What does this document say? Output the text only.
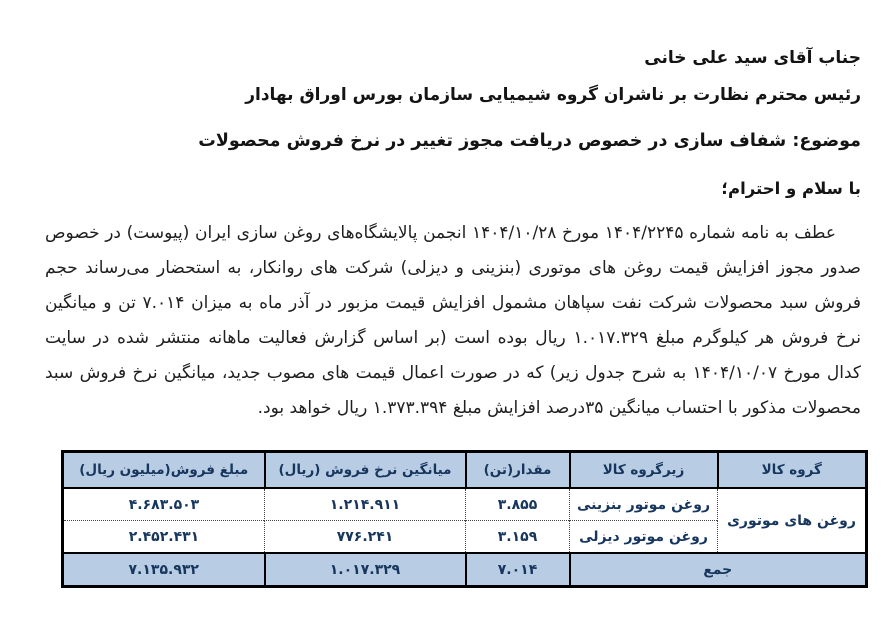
جناب آقای سید علی خانی

رئیس محترم نظارت بر ناشران گروه شیمیایی سازمان بورس اوراق بهادار

موضوع: شفاف سازی در خصوص دریافت مجوز تغییر در نرخ فروش محصولات

با سلام و احترام؛

عطف به نامه شماره ۱۴۰۴/۲۲۴۵ مورخ ۱۴۰۴/۱۰/۲۸ انجمن پالایشگاه‌های روغن سازی ایران (پیوست) در خصوص صدور مجوز افزایش قیمت روغن های موتوری (بنزینی و دیزلی) شرکت های روانکار، به استحضار می‌رساند حجم فروش سبد محصولات شرکت نفت سپاهان مشمول افزایش قیمت مزبور در آذر ماه به میزان ۷.۰۱۴ تن و میانگین نرخ فروش هر کیلوگرم مبلغ ۱.۰۱۷.۳۲۹ ریال بوده است (بر اساس گزارش فعالیت ماهانه منتشر شده در سایت کدال مورخ ۱۴۰۴/۱۰/۰۷ به شرح جدول زیر) که در صورت اعمال قیمت های مصوب جدید، میانگین نرخ فروش سبد محصولات مذکور با احتساب میانگین ۳۵درصد افزایش مبلغ ۱.۳۷۳.۳۹۴ ریال خواهد بود.

گروه کالا	زیرگروه کالا	مقدار(تن)	میانگین نرخ فروش (ریال)	مبلغ فروش(میلیون ریال)
روغن های موتوری	روغن موتور بنزینی	۳.۸۵۵	۱.۲۱۴.۹۱۱	۴.۶۸۳.۵۰۳
	روغن موتور دیزلی	۳.۱۵۹	۷۷۶.۲۴۱	۲.۴۵۲.۴۳۱
جمع		۷.۰۱۴	۱.۰۱۷.۳۲۹	۷.۱۳۵.۹۳۲
